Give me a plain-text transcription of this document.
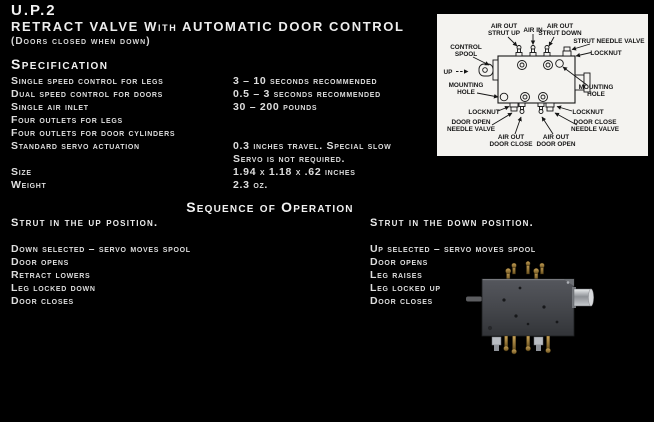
U.P.2
RETRACT VALVE With AUTOMATIC DOOR CONTROL
(Doors closed when down)
Specification
Single speed control for legs	3 – 10 seconds recommended
Dual speed control for doors	0.5 – 3 seconds recommended
Single air inlet	30 – 200 pounds
Four outlets for legs
Four outlets for door cylinders
Standard servo actuation	0.3 inches travel. Special slow
Servo is not required.
Size	1.94 x 1.18 x .62 inches
Weight	2.3 oz.
Sequence of Operation
Strut in the up position.
Down selected – servo moves spool
Door opens
Retract lowers
Leg locked down
Door closes
Strut in the down position.
Up selected – servo moves spool
Door opens
Leg raises
Leg locked up
Door closes
AIR OUT
STRUT UP AIR IN
AIR OUT
STRUT DOWN
STRUT NEEDLE VALVE
LOCKNUT
CONTROL
SPOOL
UP
MOUNTING
HOLE
MOUNTING
HOLE
LOCKNUT	LOCKNUT
DOOR OPEN
NEEDLE VALVE
DOOR CLOSE
NEEDLE VALVE
AIR OUT
DOOR CLOSE
AIR OUT
DOOR OPEN
